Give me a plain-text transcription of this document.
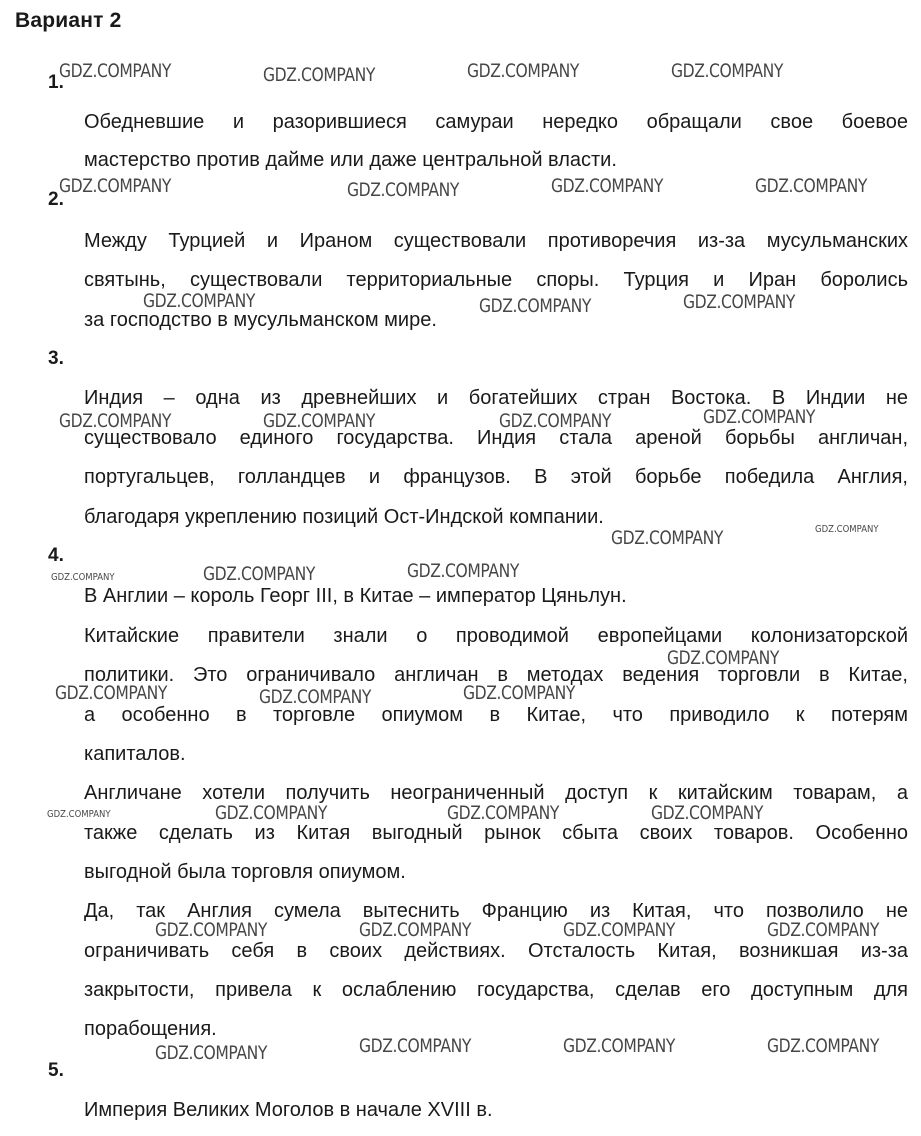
Вариант 2
1.
2.
3.
4.
5.
Обедневшие и разорившиеся самураи нередко обращали свое боевое
мастерство против дайме или даже центральной власти.
Между Турцией и Ираном существовали противоречия из-за мусульманских
святынь, существовали территориальные споры. Турция и Иран боролись
за господство в мусульманском мире.
Индия – одна из древнейших и богатейших стран Востока. В Индии не
существовало единого государства. Индия стала ареной борьбы англичан,
португальцев, голландцев и французов. В этой борьбе победила Англия,
благодаря укреплению позиций Ост-Индской компании.
В Англии – король Георг III, в Китае – император Цяньлун.
Китайские правители знали о проводимой европейцами колонизаторской
политики. Это ограничивало англичан в методах ведения торговли в Китае,
а особенно в торговле опиумом в Китае, что приводило к потерям
капиталов.
Англичане хотели получить неограниченный доступ к китайским товарам, а
также сделать из Китая выгодный рынок сбыта своих товаров. Особенно
выгодной была торговля опиумом.
Да, так Англия сумела вытеснить Францию из Китая, что позволило не
ограничивать себя в своих действиях. Отсталость Китая, возникшая из-за
закрытости, привела к ослаблению государства, сделав его доступным для
порабощения.
Империя Великих Моголов в начале XVIII в.
GDZ.COMPANY	GDZ.COMPANY	GDZ.COMPANY	GDZ.COMPANY
GDZ.COMPANY	GDZ.COMPANY	GDZ.COMPANY	GDZ.COMPANY
GDZ.COMPANY	GDZ.COMPANY	GDZ.COMPANY
GDZ.COMPANY	GDZ.COMPANY	GDZ.COMPANY	GDZ.COMPANY
GDZ.COMPANY	GDZ.COMPANY
GDZ.COMPANY	GDZ.COMPANY	GDZ.COMPANY
GDZ.COMPANY
GDZ.COMPANY	GDZ.COMPANY	GDZ.COMPANY
GDZ.COMPANY	GDZ.COMPANY	GDZ.COMPANY	GDZ.COMPANY
GDZ.COMPANY	GDZ.COMPANY	GDZ.COMPANY	GDZ.COMPANY
GDZ.COMPANY	GDZ.COMPANY	GDZ.COMPANY	GDZ.COMPANY
